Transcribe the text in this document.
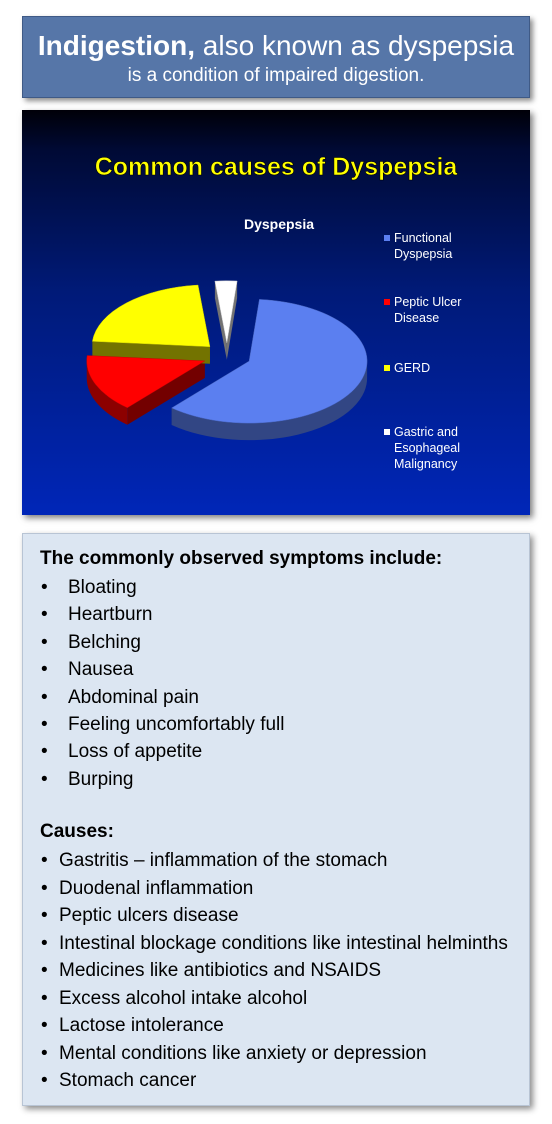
Indigestion, also known as dyspepsia
is a condition of impaired digestion.
Common causes of Dyspepsia
Dyspepsia
Functional
Dyspepsia
Peptic Ulcer
Disease
GERD
Gastric and
Esophageal
Malignancy
The commonly observed symptoms include:
• Bloating
• Heartburn
• Belching
• Nausea
• Abdominal pain
• Feeling uncomfortably full
• Loss of appetite
• Burping
Causes:
• Gastritis – inflammation of the stomach
• Duodenal inflammation
• Peptic ulcers disease
• Intestinal blockage conditions like intestinal helminths
• Medicines like antibiotics and NSAIDS
• Excess alcohol intake alcohol
• Lactose intolerance
• Mental conditions like anxiety or depression
• Stomach cancer
